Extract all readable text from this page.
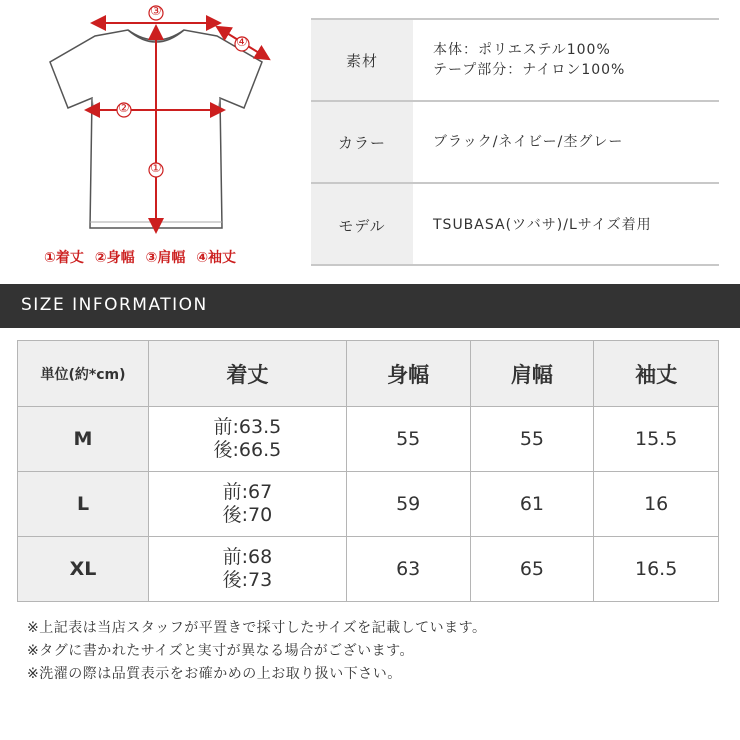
①
②
③
④
①着丈 ②身幅 ③肩幅 ④袖丈
素材
本体：ポリエステル100%
テープ部分：ナイロン100%
カラー	ブラック/ネイビー/杢グレー
モデル	TSUBASA(ツバサ)/Lサイズ着用
SIZE INFORMATION
単位(約*cm)	着丈	身幅	肩幅	袖丈
M	前:63.5
後:66.5	55	55	15.5
L	前:67
後:70	59	61	16
XL	前:68
後:73	63	65	16.5
※上記表は当店スタッフが平置きで採寸したサイズを記載しています。
※タグに書かれたサイズと実寸が異なる場合がございます。
※洗濯の際は品質表示をお確かめの上お取り扱い下さい。
